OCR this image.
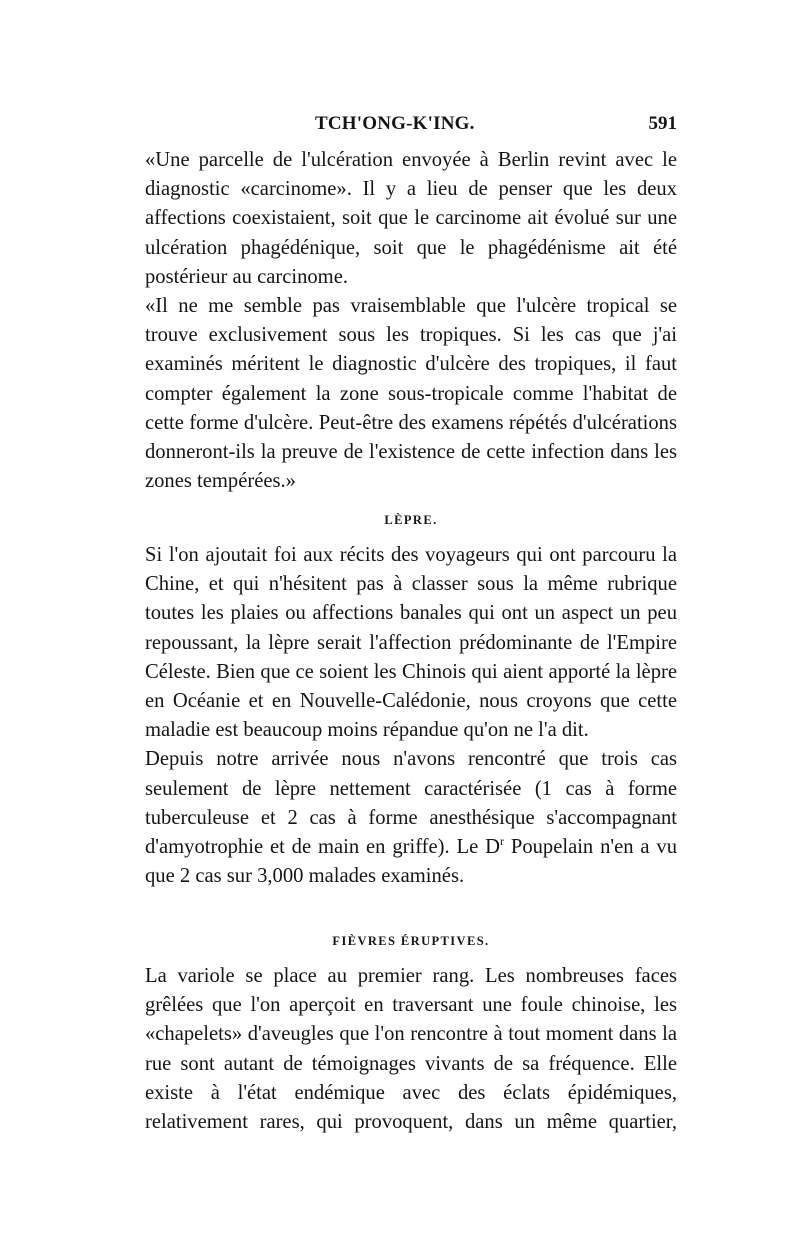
TCH'ONG-K'ING.	591

«Une parcelle de l'ulcération envoyée à Berlin revint avec le diagnostic «carcinome». Il y a lieu de penser que les deux affections coexistaient, soit que le carcinome ait évolué sur une ulcération phagédénique, soit que le phagédénisme ait été postérieur au carcinome.

«Il ne me semble pas vraisemblable que l'ulcère tropical se trouve exclusivement sous les tropiques. Si les cas que j'ai examinés méritent le diagnostic d'ulcère des tropiques, il faut compter également la zone sous-tropicale comme l'habitat de cette forme d'ulcère. Peut-être des examens répétés d'ulcérations donneront-ils la preuve de l'existence de cette infection dans les zones tempérées.»

LÈPRE.

Si l'on ajoutait foi aux récits des voyageurs qui ont parcouru la Chine, et qui n'hésitent pas à classer sous la même rubrique toutes les plaies ou affections banales qui ont un aspect un peu repoussant, la lèpre serait l'affection prédominante de l'Empire Céleste. Bien que ce soient les Chinois qui aient apporté la lèpre en Océanie et en Nouvelle-Calédonie, nous croyons que cette maladie est beaucoup moins répandue qu'on ne l'a dit.

Depuis notre arrivée nous n'avons rencontré que trois cas seulement de lèpre nettement caractérisée (1 cas à forme tuberculeuse et 2 cas à forme anesthésique s'accompagnant d'amyotrophie et de main en griffe). Le $D^r$ Poupelain n'en a vu que 2 cas sur 3,000 malades examinés.

FIÈVRES ÉRUPTIVES.

La variole se place au premier rang. Les nombreuses faces grêlées que l'on aperçoit en traversant une foule chinoise, les «chapelets» d'aveugles que l'on rencontre à tout moment dans la rue sont autant de témoignages vivants de sa fréquence. Elle existe à l'état endémique avec des éclats épidémiques, relativement rares, qui provoquent, dans un même quartier,
